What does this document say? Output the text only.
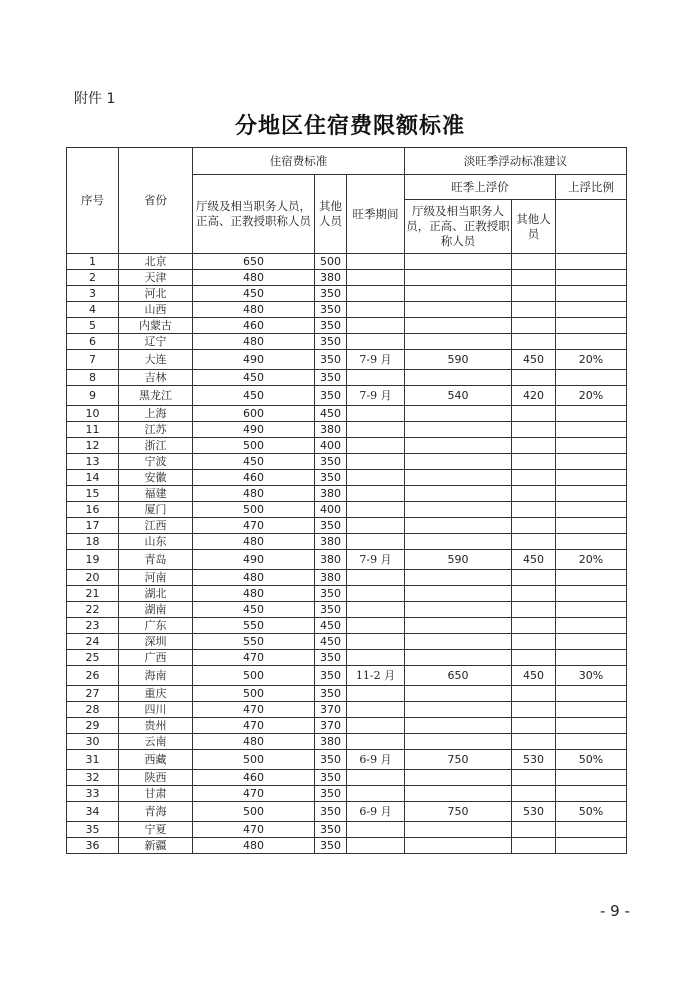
附件 1
分地区住宿费限额标准
序号	省份	住宿费标准			淡旺季浮动标准建议		
		厅级及相当职务人员，正高、正教授职称人员	其他人员	旺季期间	旺季上浮价		上浮比例
					厅级及相当职务人员，正高、正教授职称人员	其他人员	
1	北京	650	500				
2	天津	480	380				
3	河北	450	350				
4	山西	480	350				
5	内蒙古	460	350				
6	辽宁	480	350				
7	大连	490	350	7-9 月	590	450	20%
8	吉林	450	350				
9	黑龙江	450	350	7-9 月	540	420	20%
10	上海	600	450				
11	江苏	490	380				
12	浙江	500	400				
13	宁波	450	350				
14	安徽	460	350				
15	福建	480	380				
16	厦门	500	400				
17	江西	470	350				
18	山东	480	380				
19	青岛	490	380	7-9 月	590	450	20%
20	河南	480	380				
21	湖北	480	350				
22	湖南	450	350				
23	广东	550	450				
24	深圳	550	450				
25	广西	470	350				
26	海南	500	350	11-2 月	650	450	30%
27	重庆	500	350				
28	四川	470	370				
29	贵州	470	370				
30	云南	480	380				
31	西藏	500	350	6-9 月	750	530	50%
32	陕西	460	350				
33	甘肃	470	350				
34	青海	500	350	6-9 月	750	530	50%
35	宁夏	470	350				
36	新疆	480	350				
- 9 -
